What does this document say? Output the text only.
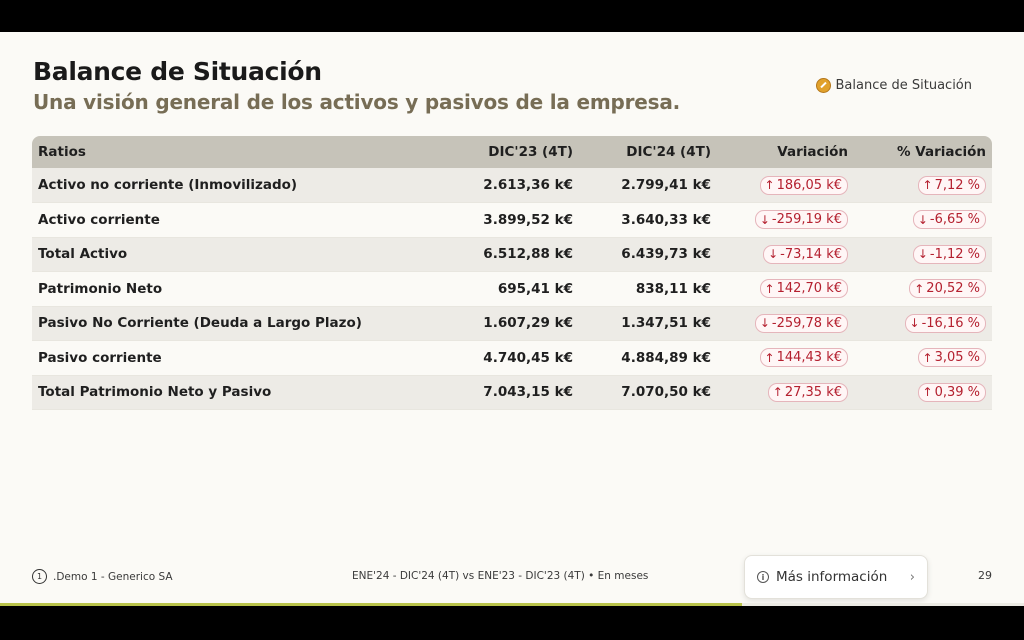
Balance de Situación
Una visión general de los activos y pasivos de la empresa.
Balance de Situación
Ratios	DIC'23 (4T)	DIC'24 (4T)	Variación	% Variación
Activo no corriente (Inmovilizado)	2.613,36 k€	2.799,41 k€	↑ 186,05 k€	↑ 7,12 %

Activo corriente	3.899,52 k€	3.640,33 k€	↓ -259,19 k€	↓ -6,65 %

Total Activo	6.512,88 k€	6.439,73 k€	↓ -73,14 k€	↓ -1,12 %

Patrimonio Neto	695,41 k€	838,11 k€	↑ 142,70 k€	↑ 20,52 %

Pasivo No Corriente (Deuda a Largo Plazo)	1.607,29 k€	1.347,51 k€	↓ -259,78 k€	↓ -16,16 %

Pasivo corriente	4.740,45 k€	4.884,89 k€	↑ 144,43 k€	↑ 3,05 %

Total Patrimonio Neto y Pasivo	7.043,15 k€	7.070,50 k€	↑ 27,35 k€	↑ 0,39 %
1	.Demo 1 - Generico SA	ENE'24 - DIC'24 (4T) vs ENE'23 - DIC'23 (4T) • En meses	i Más información ›	29
